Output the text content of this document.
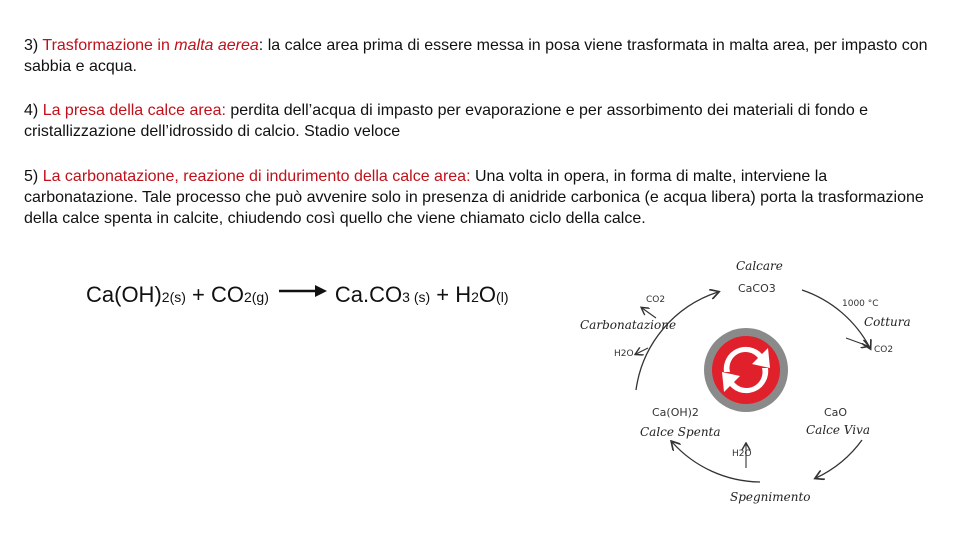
3) Trasformazione in malta aerea: la calce area prima di essere messa in posa viene trasformata in malta area, per impasto con sabbia e acqua.

4) La presa della calce area: perdita dell’acqua di impasto per evaporazione e per assorbimento dei materiali di fondo e cristallizzazione dell’idrossido di calcio. Stadio veloce

5) La carbonatazione, reazione di indurimento della calce area: Una volta in opera, in forma di malte, interviene la carbonatazione. Tale processo che può avvenire solo in presenza di anidride carbonica (e acqua libera) porta la trasformazione della calce spenta in calcite, chiudendo così quello che viene chiamato ciclo della calce.

Ca(OH) 2 (s) + CO 2(g) → Ca.CO 3 (s) + H 2 O (l)
Calcare
CaCO3
1000 °C
Cottura
CO2
CaO
Calce Viva
H2O
Spegnimento
Ca(OH)2
Calce Spenta
H2O
Carbonatazione
CO2
